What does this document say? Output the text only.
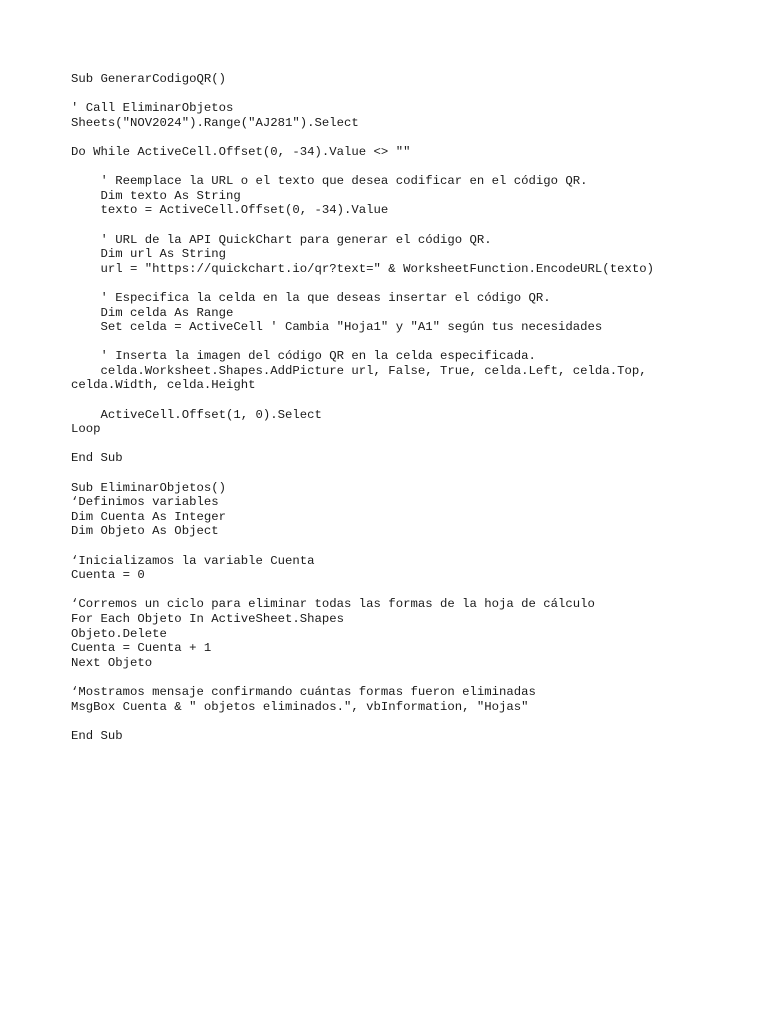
Sub GenerarCodigoQR()
' Call EliminarObjetos
Sheets("NOV2024").Range("AJ281").Select
Do While ActiveCell.Offset(0, -34).Value <> ""
' Reemplace la URL o el texto que desea codificar en el código QR.
Dim texto As String
texto = ActiveCell.Offset(0, -34).Value
' URL de la API QuickChart para generar el código QR.
Dim url As String
url = "https://quickchart.io/qr?text=" & WorksheetFunction.EncodeURL(texto)
' Especifica la celda en la que deseas insertar el código QR.
Dim celda As Range
Set celda = ActiveCell ' Cambia "Hoja1" y "A1" según tus necesidades
' Inserta la imagen del código QR en la celda especificada.
celda.Worksheet.Shapes.AddPicture url, False, True, celda.Left, celda.Top,
celda.Width, celda.Height
ActiveCell.Offset(1, 0).Select
Loop
End Sub
Sub EliminarObjetos()
‘Definimos variables
Dim Cuenta As Integer
Dim Objeto As Object
‘Inicializamos la variable Cuenta
Cuenta = 0
‘Corremos un ciclo para eliminar todas las formas de la hoja de cálculo
For Each Objeto In ActiveSheet.Shapes
Objeto.Delete
Cuenta = Cuenta + 1
Next Objeto
‘Mostramos mensaje confirmando cuántas formas fueron eliminadas
MsgBox Cuenta & " objetos eliminados.", vbInformation, "Hojas"
End Sub
